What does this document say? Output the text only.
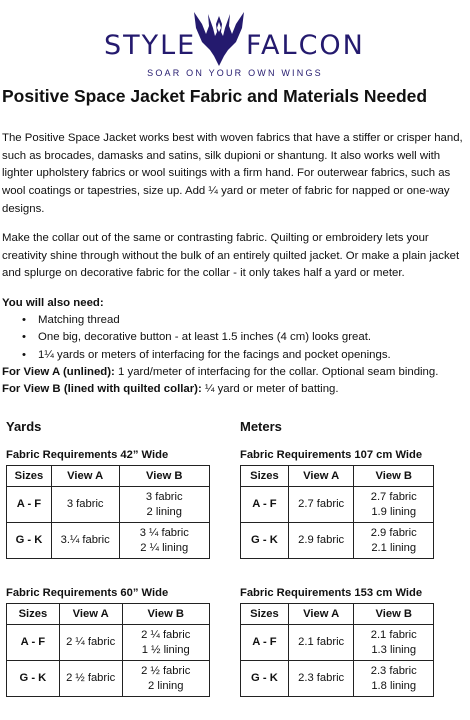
STYLE FALCON
SOAR ON YOUR OWN WINGS
Positive Space Jacket Fabric and Materials Needed

The Positive Space Jacket works best with woven fabrics that have a stiffer or crisper hand, such as brocades, damasks and satins, silk dupioni or shantung. It also works well with lighter upholstery fabrics or wool suitings with a firm hand. For outerwear fabrics, such as wool coatings or tapestries, size up. Add ¼ yard or meter of fabric for napped or one-way designs.

Make the collar out of the same or contrasting fabric. Quilting or embroidery lets your creativity shine through without the bulk of an entirely quilted jacket. Or make a plain jacket and splurge on decorative fabric for the collar - it only takes half a yard or meter.

You will also need:
• Matching thread
• One big, decorative button - at least 1.5 inches (4 cm) looks great.
• 1¼ yards or meters of interfacing for the facings and pocket openings.
For View A (unlined): 1 yard/meter of interfacing for the collar. Optional seam binding.
For View B (lined with quilted collar): ¼ yard or meter of batting.
Yards	Meters
Fabric Requirements 42” Wide
Sizes	View A	View B
A - F	3 fabric	3 fabric
2 lining

G - K	3.¼ fabric	3 ¼ fabric
2 ¼ lining
Fabric Requirements 107 cm Wide
Sizes	View A	View B
A - F	2.7 fabric	2.7 fabric
1.9 lining

G - K	2.9 fabric	2.9 fabric
2.1 lining
Fabric Requirements 60” Wide
Sizes	View A	View B
A - F	2 ¼ fabric	2 ¼ fabric
1 ½ lining

G - K	2 ½ fabric	2 ½ fabric
2 lining
Fabric Requirements 153 cm Wide
Sizes	View A	View B
A - F	2.1 fabric	2.1 fabric
1.3 lining

G - K	2.3 fabric	2.3 fabric
1.8 lining
